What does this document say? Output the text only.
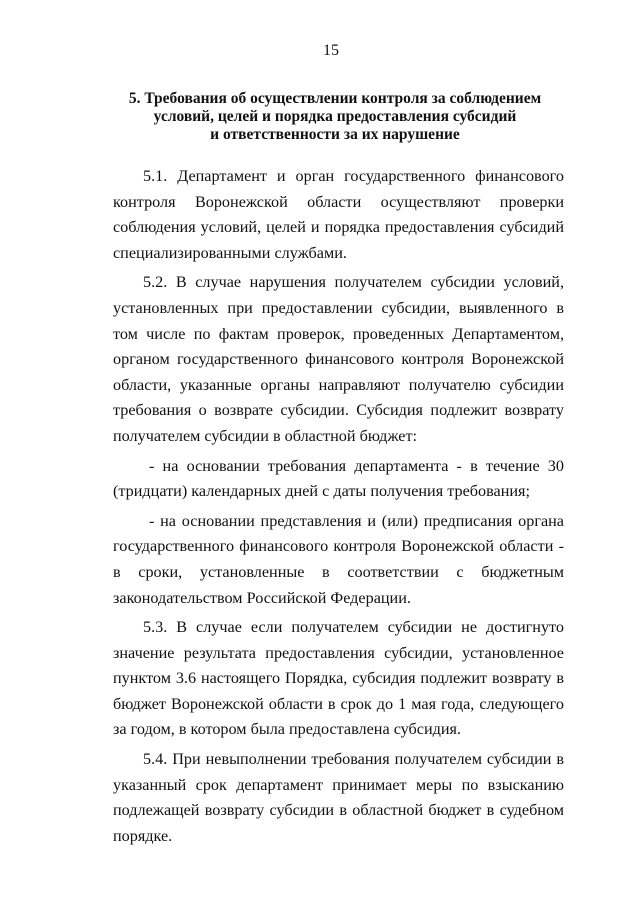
15
5. Требования об осуществлении контроля за соблюдением
условий, целей и порядка предоставления субсидий
и ответственности за их нарушение

5.1. Департамент и орган государственного финансового контроля Воронежской области осуществляют проверки соблюдения условий, целей и порядка предоставления субсидий специализированными службами.

5.2. В случае нарушения получателем субсидии условий, установленных при предоставлении субсидии, выявленного в том числе по фактам проверок, проведенных Департаментом, органом государственного финансового контроля Воронежской области, указанные органы направляют получателю субсидии требования о возврате субсидии. Субсидия подлежит возврату получателем субсидии в областной бюджет:

- на основании требования департамента - в течение 30 (тридцати) календарных дней с даты получения требования;

- на основании представления и (или) предписания органа государственного финансового контроля Воронежской области - в сроки, установленные в соответствии с бюджетным законодательством Российской Федерации.

5.3. В случае если получателем субсидии не достигнуто значение результата предоставления субсидии, установленное пунктом 3.6 настоящего Порядка, субсидия подлежит возврату в бюджет Воронежской области в срок до 1 мая года, следующего за годом, в котором была предоставлена субсидия.

5.4. При невыполнении требования получателем субсидии в указанный срок департамент принимает меры по взысканию подлежащей возврату субсидии в областной бюджет в судебном порядке.
